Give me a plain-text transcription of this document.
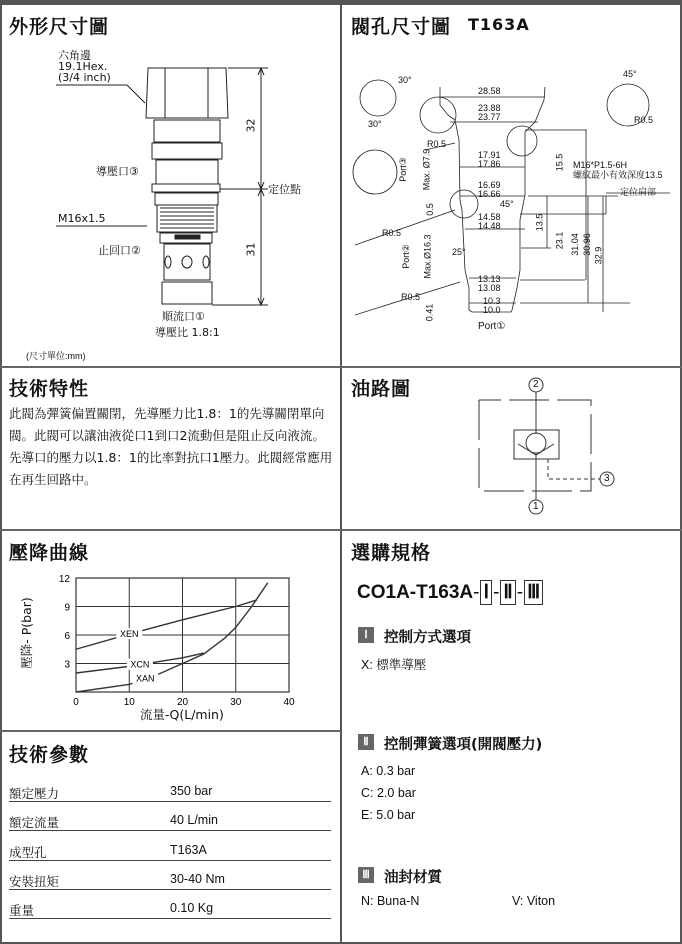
外形尺寸圖
六角邊
19.1Hex.
(3/4 inch)
32
31
定位點
導壓口③
M16x1.5
止回口②
順流口①
導壓比 1.8:1
(尺寸單位:mm)
閥孔尺寸圖 T163A
28.58
23.88
23.77
17.91
17.86
16.69
16.66
14.58
14.48
13.13
13.08
10.3
10.0
30°
30°
45°
45°
25°
R0.5
R0.5
R0.5
R0.5
15.5
13.5
23.1 31.04 30.96 32.9
0.5
0.41
Port③ Max. Ø7.9
Port② Max.Ø16.3
Port①
M16*P1.5-6H
螺紋最小有效深度13.5
定位肩部
技術特性
此閥為彈簧偏置關閉，先導壓力比1.8：1的先導關閉單向閥。此閥可以讓油液從口1到口2流動但是阻止反向液流。先導口的壓力以1.8：1的比率對抗口1壓力。此閥經常應用在再生回路中。
油路圖	2
1
3
壓降曲線
0	10	20	30	40
3
6
9
12
XEN
XCN
XAN
流量-Q(L/min)
壓降- P(bar)
技術參數
額定壓力	350 bar
額定流量	40 L/min
成型孔	T163A
安裝扭矩	30-40 Nm
重量	0.10 Kg
選購規格
CO1A-T163A- Ⅰ - Ⅱ - Ⅲ
Ⅰ	控制方式選項
X: 標準導壓
Ⅱ	控制彈簧選項(開閥壓力)
A: 0.3 bar
C: 2.0 bar
E: 5.0 bar
Ⅲ 油封材質
N: Buna-N	V: Viton
